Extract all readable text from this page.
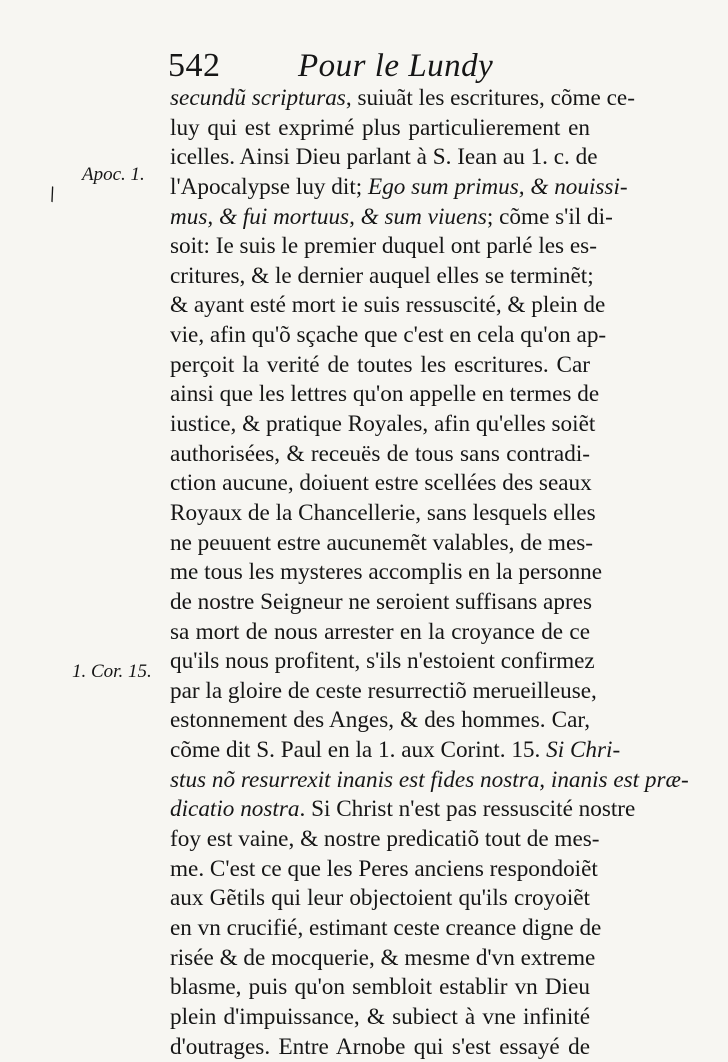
542 Pour le Lundy
Apoc. 1.
\
1. Cor. 15.
secundũ scripturas, suiuãt les escritures, cõme ce-
luy qui est exprimé plus particulierement en
icelles. Ainsi Dieu parlant à S. Iean au 1. c. de
l'Apocalypse luy dit; Ego sum primus, & nouissi-
mus, & fui mortuus, & sum viuens; cõme s'il di-
soit: Ie suis le premier duquel ont parlé les es-
critures, & le dernier auquel elles se terminẽt;
& ayant esté mort ie suis ressuscité, & plein de
vie, afin qu'õ sçache que c'est en cela qu'on ap-
perçoit la verité de toutes les escritures. Car
ainsi que les lettres qu'on appelle en termes de
iustice, & pratique Royales, afin qu'elles soiẽt
authorisées, & receuës de tous sans contradi-
ction aucune, doiuent estre scellées des seaux
Royaux de la Chancellerie, sans lesquels elles
ne peuuent estre aucunemẽt valables, de mes-
me tous les mysteres accomplis en la personne
de nostre Seigneur ne seroient suffisans apres
sa mort de nous arrester en la croyance de ce
qu'ils nous profitent, s'ils n'estoient confirmez
par la gloire de ceste resurrectiõ merueilleuse,
estonnement des Anges, & des hommes. Car,
cõme dit S. Paul en la 1. aux Corint. 15. Si Chri-
stus nõ resurrexit inanis est fides nostra, inanis est præ-
dicatio nostra. Si Christ n'est pas ressuscité nostre
foy est vaine, & nostre predicatiõ tout de mes-
me. C'est ce que les Peres anciens respondoiẽt
aux Gẽtils qui leur objectoient qu'ils croyoiẽt
en vn crucifié, estimant ceste creance digne de
risée & de mocquerie, & mesme d'vn extreme
blasme, puis qu'on sembloit establir vn Dieu
plein d'impuissance, & subiect à vne infinité
d'outrages. Entre Arnobe qui s'est essayé de
